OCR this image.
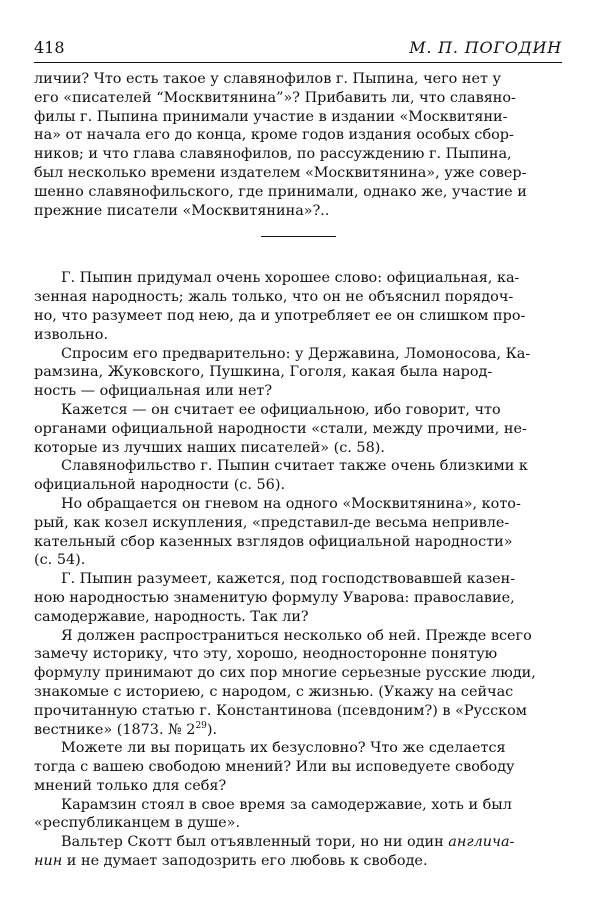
418	М. П. ПОГОДИН
личии? Что есть такое у славянофилов г. Пыпина, чего нет у
его «писателей “Москвитянина”»? Прибавить ли, что славяно-
филы г. Пыпина принимали участие в издании «Москвитяни-
на» от начала его до конца, кроме годов издания особых сбор-
ников; и что глава славянофилов, по рассуждению г. Пыпина,
был несколько времени издателем «Москвитянина», уже совер-
шенно славянофильского, где принимали, однако же, участие и
прежние писатели «Москвитянина»?..
Г. Пыпин придумал очень хорошее слово: официальная, ка-
зенная народность; жаль только, что он не объяснил порядоч-
но, что разумеет под нею, да и употребляет ее он слишком про-
извольно.
Спросим его предварительно: у Державина, Ломоносова, Ка-
рамзина, Жуковского, Пушкина, Гоголя, какая была народ-
ность — официальная или нет?
Кажется — он считает ее официальною, ибо говорит, что
органами официальной народности «стали, между прочими, не-
которые из лучших наших писателей» (с. 58).
Славянофильство г. Пыпин считает также очень близкими к
официальной народности (с. 56).
Но обращается он гневом на одного «Москвитянина», кото-
рый, как козел искупления, «представил-де весьма непривле-
кательный сбор казенных взглядов официальной народности»
(с. 54).
Г. Пыпин разумеет, кажется, под господствовавшей казен-
ною народностью знаменитую формулу Уварова: православие,
самодержавие, народность. Так ли?
Я должен распространиться несколько об ней. Прежде всего
замечу историку, что эту, хорошо, неодносторонне понятую
формулу принимают до сих пор многие серьезные русские люди,
знакомые с историею, с народом, с жизнью. (Укажу на сейчас
прочитанную статью г. Константинова (псевдоним?) в «Русском
вестнике» (1873. № $2^{29}$).
Можете ли вы порицать их безусловно? Что же сделается
тогда с вашею свободою мнений? Или вы исповедуете свободу
мнений только для себя?
Карамзин стоял в свое время за самодержавие, хоть и был
«республиканцем в душе».
Вальтер Скотт был отъявленный тори, но ни один англича-
нин и не думает заподозрить его любовь к свободе.
